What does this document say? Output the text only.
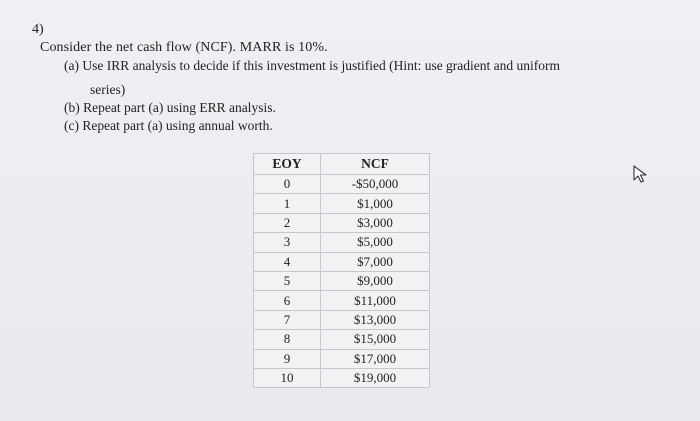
4)
Consider the net cash flow (NCF). MARR is 10%.
(a) Use IRR analysis to decide if this investment is justified (Hint: use gradient and uniform
series)
(b) Repeat part (a) using ERR analysis.
(c) Repeat part (a) using annual worth.
EOY	NCF
0	-$50,000
1	$1,000
2	$3,000
3	$5,000
4	$7,000
5	$9,000
6	$11,000
7	$13,000
8	$15,000
9	$17,000
10	$19,000
